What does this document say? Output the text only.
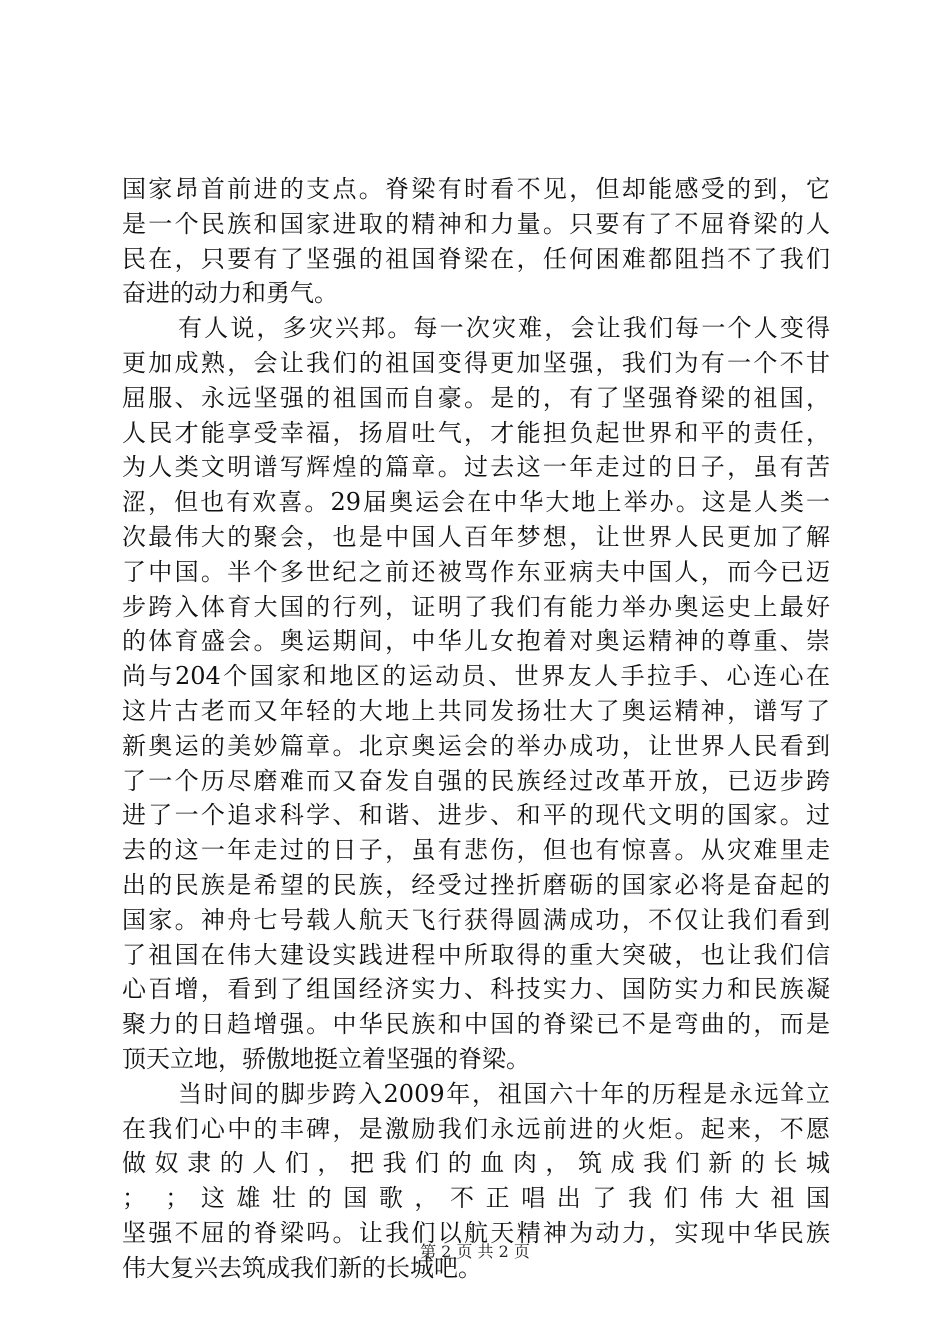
国家昂首前进的支点。脊梁有时看不见，但却能感受的到，它
是一个民族和国家进取的精神和力量。只要有了不屈脊梁的人
民在，只要有了坚强的祖国脊梁在，任何困难都阻挡不了我们
奋进的动力和勇气。
有人说，多灾兴邦。每一次灾难，会让我们每一个人变得
更加成熟，会让我们的祖国变得更加坚强，我们为有一个不甘
屈服、永远坚强的祖国而自豪。是的，有了坚强脊梁的祖国，
人民才能享受幸福，扬眉吐气，才能担负起世界和平的责任，
为人类文明谱写辉煌的篇章。过去这一年走过的日子，虽有苦
涩，但也有欢喜。29届奥运会在中华大地上举办。这是人类一
次最伟大的聚会，也是中国人百年梦想，让世界人民更加了解
了中国。半个多世纪之前还被骂作东亚病夫中国人，而今已迈
步跨入体育大国的行列，证明了我们有能力举办奥运史上最好
的体育盛会。奥运期间，中华儿女抱着对奥运精神的尊重、崇
尚与204个国家和地区的运动员、世界友人手拉手、心连心在
这片古老而又年轻的大地上共同发扬壮大了奥运精神，谱写了
新奥运的美妙篇章。北京奥运会的举办成功，让世界人民看到
了一个历尽磨难而又奋发自强的民族经过改革开放，已迈步跨
进了一个追求科学、和谐、进步、和平的现代文明的国家。过
去的这一年走过的日子，虽有悲伤，但也有惊喜。从灾难里走
出的民族是希望的民族，经受过挫折磨砺的国家必将是奋起的
国家。神舟七号载人航天飞行获得圆满成功，不仅让我们看到
了祖国在伟大建设实践进程中所取得的重大突破，也让我们信
心百增，看到了组国经济实力、科技实力、国防实力和民族凝
聚力的日趋增强。中华民族和中国的脊梁已不是弯曲的，而是
顶天立地，骄傲地挺立着坚强的脊梁。
当时间的脚步跨入2009年，祖国六十年的历程是永远耸立
在我们心中的丰碑，是激励我们永远前进的火炬。起来，不愿
做奴隶的人们，把我们的血肉，筑成我们新的长城
； ；这雄壮的国歌，不正唱出了我们伟大祖国
坚强不屈的脊梁吗。让我们以航天精神为动力，实现中华民族
伟大复兴去筑成我们新的长城吧。
第 2 页 共 2 页
